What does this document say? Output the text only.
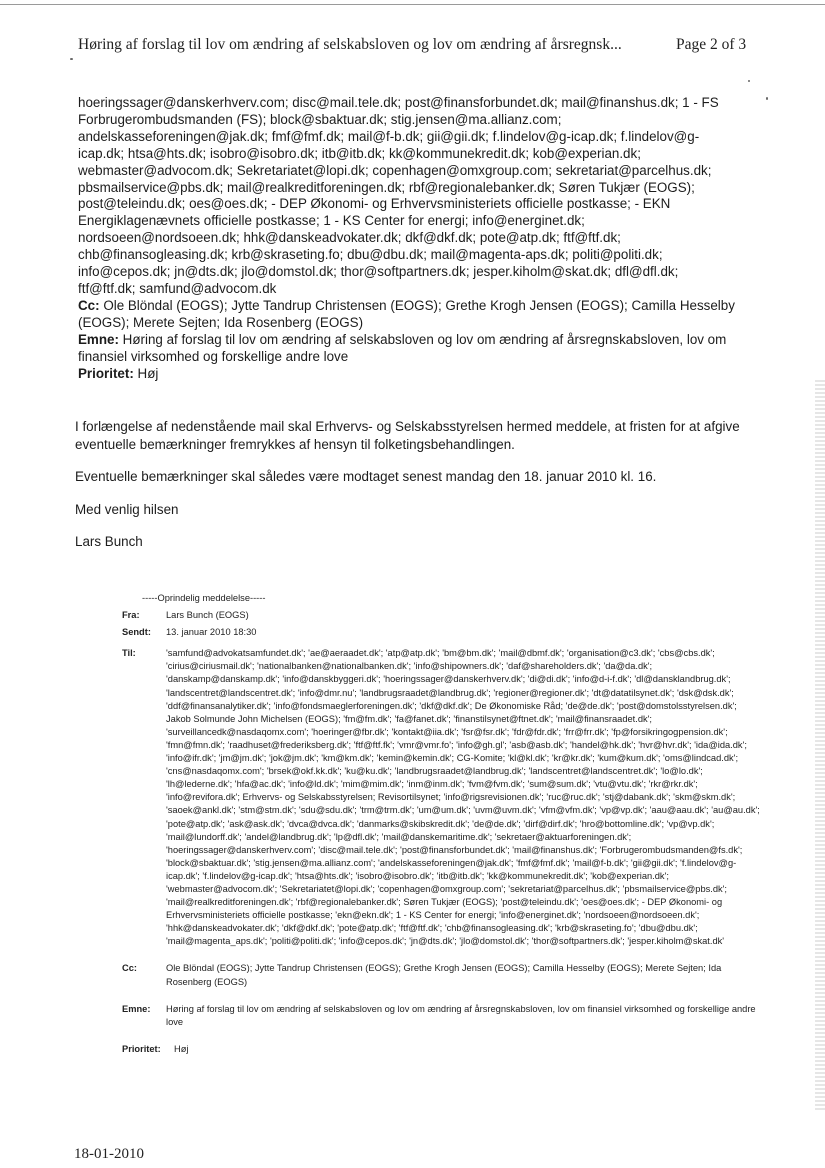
Høring af forslag til lov om ændring af selskabsloven og lov om ændring af årsregnsk...	Page 2 of 3

hoeringssager@danskerhverv.com; disc@mail.tele.dk; post@finansforbundet.dk; mail@finanshus.dk; 1 - FS

Forbrugerombudsmanden (FS); block@sbaktuar.dk; stig.jensen@ma.allianz.com;

andelskasseforeningen@jak.dk; fmf@fmf.dk; mail@f-b.dk; gii@gii.dk; f.lindelov@g-icap.dk; f.lindelov@g-

icap.dk; htsa@hts.dk; isobro@isobro.dk; itb@itb.dk; kk@kommunekredit.dk; kob@experian.dk;

webmaster@advocom.dk; Sekretariatet@lopi.dk; copenhagen@omxgroup.com; sekretariat@parcelhus.dk;

pbsmailservice@pbs.dk; mail@realkreditforeningen.dk; rbf@regionalebanker.dk; Søren Tukjær (EOGS);

post@teleindu.dk; oes@oes.dk; - DEP Økonomi- og Erhvervsministeriets officielle postkasse; - EKN

Energiklagenævnets officielle postkasse; 1 - KS Center for energi; info@energinet.dk;

nordsoeen@nordsoeen.dk; hhk@danskeadvokater.dk; dkf@dkf.dk; pote@atp.dk; ftf@ftf.dk;

chb@finansogleasing.dk; krb@skraseting.fo; dbu@dbu.dk; mail@magenta-aps.dk; politi@politi.dk;

info@cepos.dk; jn@dts.dk; jlo@domstol.dk; thor@softpartners.dk; jesper.kiholm@skat.dk; dfl@dfl.dk;

ftf@ftf.dk; samfund@advocom.dk

Cc: Ole Blöndal (EOGS); Jytte Tandrup Christensen (EOGS); Grethe Krogh Jensen (EOGS); Camilla Hesselby (EOGS); Merete Sejten; Ida Rosenberg (EOGS)

Emne: Høring af forslag til lov om ændring af selskabsloven og lov om ændring af årsregnskabsloven, lov om finansiel virksomhed og forskellige andre love

Prioritet: Høj

I forlængelse af nedenstående mail skal Erhvervs- og Selskabsstyrelsen hermed meddele, at fristen for at afgive eventuelle bemærkninger fremrykkes af hensyn til folketingsbehandlingen.

Eventuelle bemærkninger skal således være modtaget senest mandag den 18. januar 2010 kl. 16.

Med venlig hilsen

Lars Bunch

-----Oprindelig meddelelse-----
Fra:	Lars Bunch (EOGS)
Sendt:	13. januar 2010 18:30
Til:	'samfund@advokatsamfundet.dk'; 'ae@aeraadet.dk'; 'atp@atp.dk'; 'bm@bm.dk'; 'mail@dbmf.dk'; 'organisation@c3.dk'; 'cbs@cbs.dk'; 'cirius@ciriusmail.dk'; 'nationalbanken@nationalbanken.dk'; 'info@shipowners.dk'; 'daf@shareholders.dk'; 'da@da.dk'; 'danskamp@danskamp.dk'; 'info@danskbyggeri.dk'; 'hoeringssager@danskerhverv.dk'; 'di@di.dk'; 'info@d-i-f.dk'; 'dl@dansklandbrug.dk'; 'landscentret@landscentret.dk'; 'info@dmr.nu'; 'landbrugsraadet@landbrug.dk'; 'regioner@regioner.dk'; 'dt@datatilsynet.dk'; 'dsk@dsk.dk'; 'ddf@finansanalytiker.dk'; 'info@fondsmaeglerforeningen.dk'; 'dkf@dkf.dk'; De Økonomiske Råd; 'de@de.dk'; 'post@domstolsstyrelsen.dk'; Jakob Solmunde John Michelsen (EOGS); 'fm@fm.dk'; 'fa@fanet.dk'; 'finanstilsynet@ftnet.dk'; 'mail@finansraadet.dk'; 'surveillancedk@nasdaqomx.com'; 'hoeringer@fbr.dk'; 'kontakt@iia.dk'; 'fsr@fsr.dk'; 'fdr@fdr.dk'; 'frr@frr.dk'; 'fp@forsikringogpension.dk'; 'fmn@fmn.dk'; 'raadhuset@frederiksberg.dk'; 'ftf@ftf.fk'; 'vmr@vmr.fo'; 'info@gh.gl'; 'asb@asb.dk'; 'handel@hk.dk'; 'hvr@hvr.dk'; 'ida@ida.dk'; 'info@ifr.dk'; 'jm@jm.dk'; 'jok@jm.dk'; 'km@km.dk'; 'kemin@kemin.dk'; CG-Komite; 'kl@kl.dk'; 'kr@kr.dk'; 'kum@kum.dk'; 'oms@lindcad.dk'; 'cns@nasdaqomx.com'; 'brsek@okf.kk.dk'; 'ku@ku.dk'; 'landbrugsraadet@landbrug.dk'; 'landscentret@landscentret.dk'; 'lo@lo.dk'; 'lh@lederne.dk'; 'hfa@ac.dk'; 'info@ld.dk'; 'mim@mim.dk'; 'inm@inm.dk'; 'fvm@fvm.dk'; 'sum@sum.dk'; 'vtu@vtu.dk'; 'rkr@rkr.dk'; 'info@revifora.dk'; Erhvervs- og Selskabsstyrelsen; Revisortilsynet; 'info@rigsrevisionen.dk'; 'ruc@ruc.dk'; 'stj@dabank.dk'; 'skm@skm.dk'; 'saoek@ankl.dk'; 'stm@stm.dk'; 'sdu@sdu.dk'; 'trm@trm.dk'; 'um@um.dk'; 'uvm@uvm.dk'; 'vfm@vfm.dk'; 'vp@vp.dk'; 'aau@aau.dk'; 'au@au.dk'; 'pote@atp.dk'; 'ask@ask.dk'; 'dvca@dvca.dk'; 'danmarks@skibskredit.dk'; 'de@de.dk'; 'dirf@dirf.dk'; 'hro@bottomline.dk'; 'vp@vp.dk'; 'mail@lundorff.dk'; 'andel@landbrug.dk'; 'lp@dfl.dk'; 'mail@danskemaritime.dk'; 'sekretaer@aktuarforeningen.dk'; 'hoeringssager@danskerhverv.com'; 'disc@mail.tele.dk'; 'post@finansforbundet.dk'; 'mail@finanshus.dk'; 'Forbrugerombudsmanden@fs.dk'; 'block@sbaktuar.dk'; 'stig.jensen@ma.allianz.com'; 'andelskasseforeningen@jak.dk'; 'fmf@fmf.dk'; 'mail@f-b.dk'; 'gii@gii.dk'; 'f.lindelov@g-icap.dk'; 'f.lindelov@g-icap.dk'; 'htsa@hts.dk'; 'isobro@isobro.dk'; 'itb@itb.dk'; 'kk@kommunekredit.dk'; 'kob@experian.dk'; 'webmaster@advocom.dk'; 'Sekretariatet@lopi.dk'; 'copenhagen@omxgroup.com'; 'sekretariat@parcelhus.dk'; 'pbsmailservice@pbs.dk'; 'mail@realkreditforeningen.dk'; 'rbf@regionalebanker.dk'; Søren Tukjær (EOGS); 'post@teleindu.dk'; 'oes@oes.dk'; - DEP Økonomi- og Erhvervsministeriets officielle postkasse; 'ekn@ekn.dk'; 1 - KS Center for energi; 'info@energinet.dk'; 'nordsoeen@nordsoeen.dk'; 'hhk@danskeadvokater.dk'; 'dkf@dkf.dk'; 'pote@atp.dk'; 'ftf@ftf.dk'; 'chb@finansogleasing.dk'; 'krb@skraseting.fo'; 'dbu@dbu.dk'; 'mail@magenta_aps.dk'; 'politi@politi.dk'; 'info@cepos.dk'; 'jn@dts.dk'; 'jlo@domstol.dk'; 'thor@softpartners.dk'; 'jesper.kiholm@skat.dk'
Cc:	Ole Blöndal (EOGS); Jytte Tandrup Christensen (EOGS); Grethe Krogh Jensen (EOGS); Camilla Hesselby (EOGS); Merete Sejten; Ida Rosenberg (EOGS)
Emne:	Høring af forslag til lov om ændring af selskabsloven og lov om ændring af årsregnskabsloven, lov om finansiel virksomhed og forskellige andre love
Prioritet:	Høj
18-01-2010
